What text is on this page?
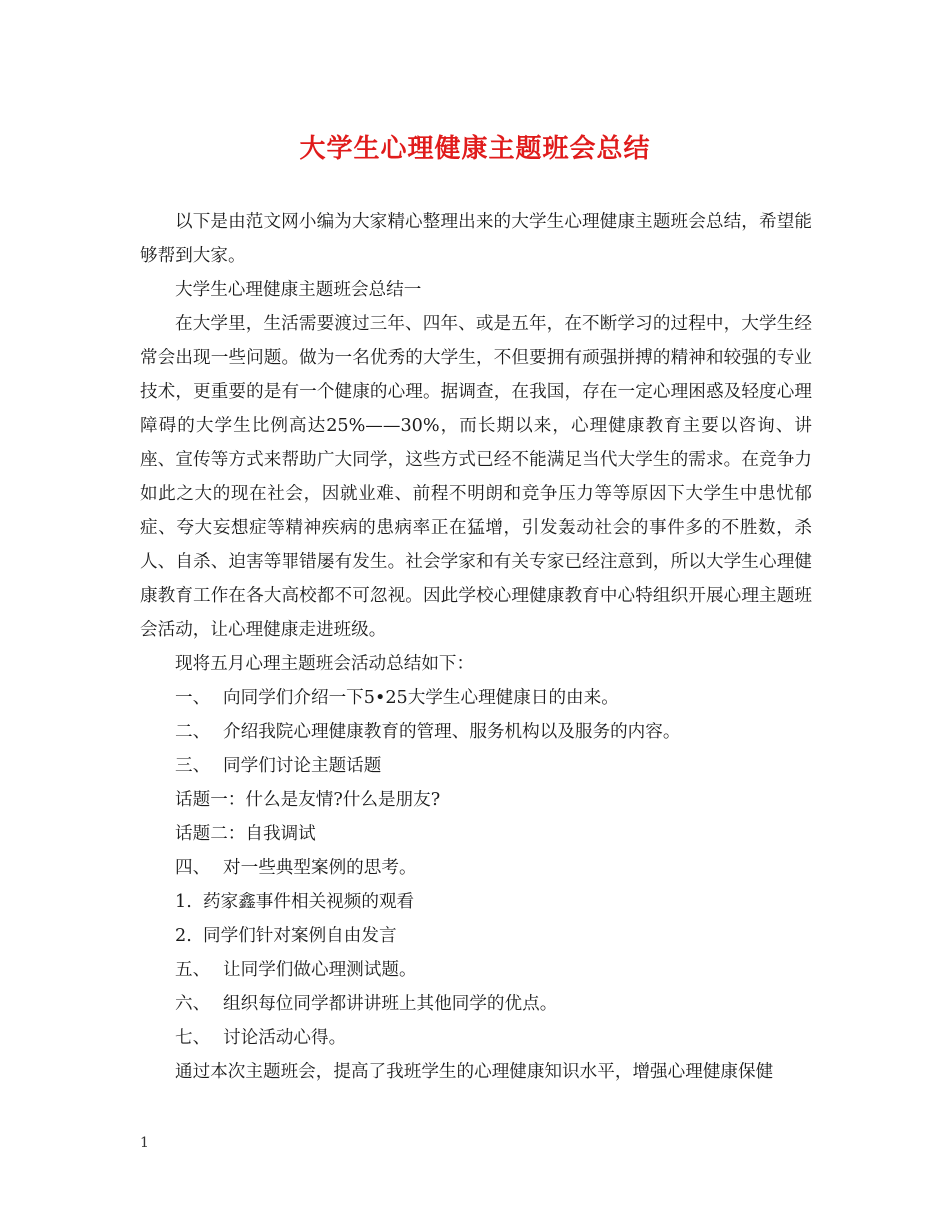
大学生心理健康主题班会总结

以下是由范文网小编为大家精心整理出来的大学生心理健康主题班会总结，希望能够帮到大家。

大学生心理健康主题班会总结一

在大学里，生活需要渡过三年、四年、或是五年，在不断学习的过程中，大学生经常会出现一些问题。做为一名优秀的大学生，不但要拥有顽强拼搏的精神和较强的专业技术，更重要的是有一个健康的心理。据调查，在我国，存在一定心理困惑及轻度心理障碍的大学生比例高达25%——30%，而长期以来，心理健康教育主要以咨询、讲座、宣传等方式来帮助广大同学，这些方式已经不能满足当代大学生的需求。在竞争力如此之大的现在社会，因就业难、前程不明朗和竞争压力等等原因下大学生中患忧郁症、夸大妄想症等精神疾病的患病率正在猛增，引发轰动社会的事件多的不胜数，杀人、自杀、迫害等罪错屡有发生。社会学家和有关专家已经注意到，所以大学生心理健康教育工作在各大高校都不可忽视。因此学校心理健康教育中心特组织开展心理主题班会活动，让心理健康走进班级。

现将五月心理主题班会活动总结如下：

一、 向同学们介绍一下5•25大学生心理健康日的由来。

二、 介绍我院心理健康教育的管理、服务机构以及服务的内容。

三、 同学们讨论主题话题

话题一：什么是友情?什么是朋友?

话题二：自我调试

四、 对一些典型案例的思考。

1. 药家鑫事件相关视频的观看

2. 同学们针对案例自由发言

五、 让同学们做心理测试题。

六、 组织每位同学都讲讲班上其他同学的优点。

七、 讨论活动心得。

通过本次主题班会，提高了我班学生的心理健康知识水平，增强心理健康保健

1
